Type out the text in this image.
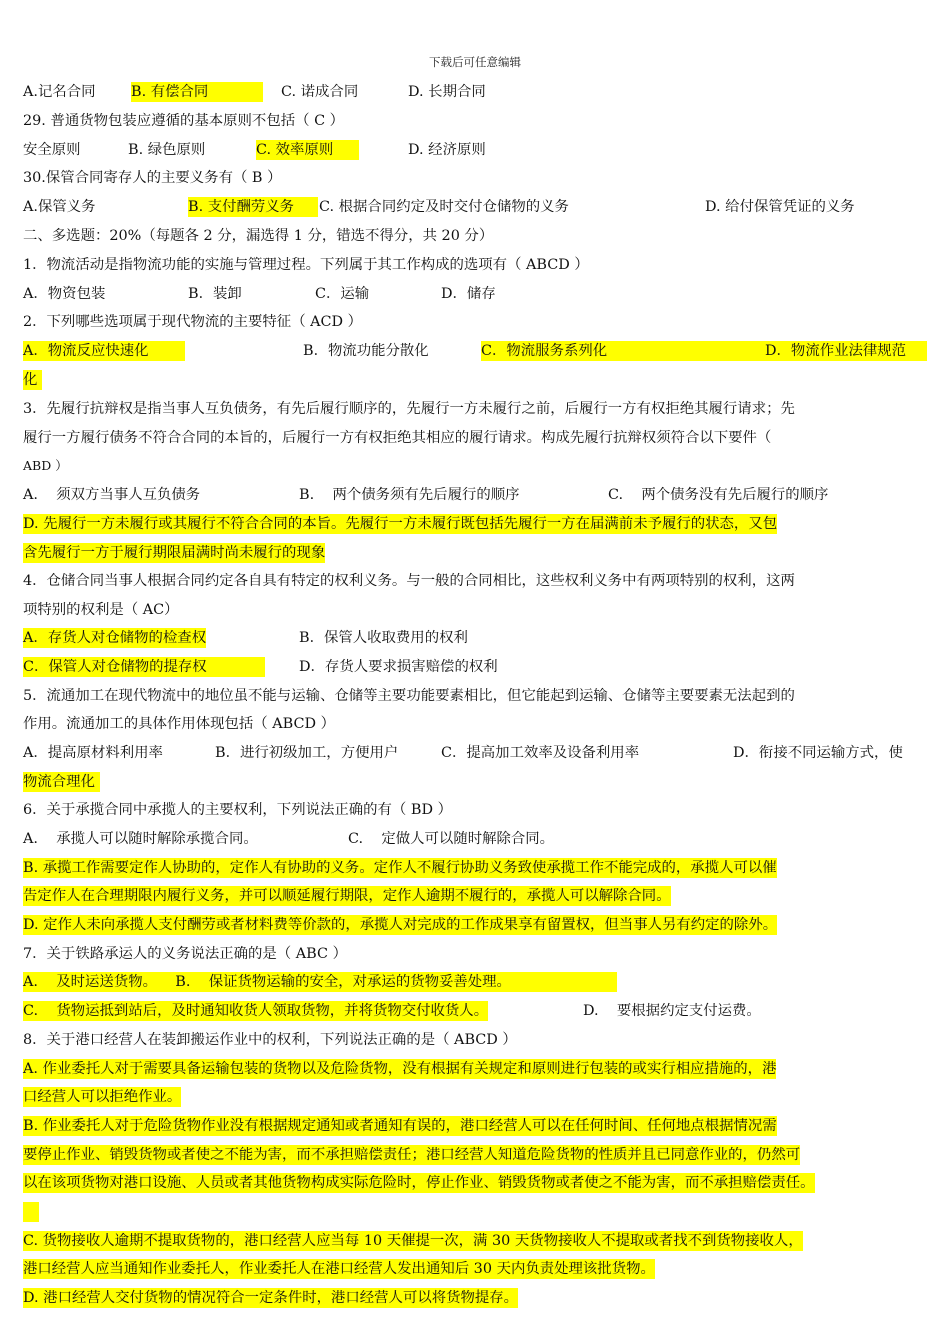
下载后可任意编辑
A.记名合同 B. 有偿合同	C. 诺成合同	D. 长期合同
29. 普通货物包装应遵循的基本原则不包括（ C ）
安全原则	B. 绿色原则	C. 效率原则	D. 经济原则
30.保管合同寄存人的主要义务有（ B ）
A.保管义务	B. 支付酬劳义务	C. 根据合同约定及时交付仓储物的义务	D. 给付保管凭证的义务
二、多选题：20%（每题各 2 分，漏选得 1 分，错选不得分，共 20 分）
1．物流活动是指物流功能的实施与管理过程。下列属于其工作构成的选项有（ ABCD ）
A．物资包装	B．装卸	C．运输	D．储存
2．下列哪些选项属于现代物流的主要特征（ ACD ）
A．物流反应快速化	B．物流功能分散化	C．物流服务系列化	D．物流作业法律规范
化
3．先履行抗辩权是指当事人互负债务，有先后履行顺序的，先履行一方未履行之前，后履行一方有权拒绝其履行请求；先
履行一方履行债务不符合合同的本旨的，后履行一方有权拒绝其相应的履行请求。构成先履行抗辩权须符合以下要件（
ABD ）
A.    须双方当事人互负债务	B.    两个债务须有先后履行的顺序	C.    两个债务没有先后履行的顺序
D. 先履行一方未履行或其履行不符合合同的本旨。先履行一方未履行既包括先履行一方在届满前未予履行的状态，又包
含先履行一方于履行期限届满时尚未履行的现象
4．仓储合同当事人根据合同约定各自具有特定的权利义务。与一般的合同相比，这些权利义务中有两项特别的权利，这两
项特别的权利是（ AC）
A．存货人对仓储物的检查权	B．保管人收取费用的权利
C．保管人对仓储物的提存权	D．存货人要求损害赔偿的权利
5．流通加工在现代物流中的地位虽不能与运输、仓储等主要功能要素相比，但它能起到运输、仓储等主要要素无法起到的
作用。流通加工的具体作用体现包括（ ABCD ）
A．提高原材料利用率	B．进行初级加工，方便用户	C．提高加工效率及设备利用率	D．衔接不同运输方式，使
物流合理化
6．关于承揽合同中承揽人的主要权利，下列说法正确的有（ BD ）
A.    承揽人可以随时解除承揽合同。	C.    定做人可以随时解除合同。
B. 承揽工作需要定作人协助的，定作人有协助的义务。定作人不履行协助义务致使承揽工作不能完成的，承揽人可以催
告定作人在合理期限内履行义务，并可以顺延履行期限，定作人逾期不履行的，承揽人可以解除合同。
D. 定作人未向承揽人支付酬劳或者材料费等价款的，承揽人对完成的工作成果享有留置权，但当事人另有约定的除外。
7．关于铁路承运人的义务说法正确的是（ ABC ）
A.    及时运送货物。    B.    保证货物运输的安全，对承运的货物妥善处理。
C.    货物运抵到站后，及时通知收货人领取货物，并将货物交付收货人。	D.    要根据约定支付运费。
8．关于港口经营人在装卸搬运作业中的权利，下列说法正确的是（ ABCD ）
A. 作业委托人对于需要具备运输包装的货物以及危险货物，没有根据有关规定和原则进行包装的或实行相应措施的，港
口经营人可以拒绝作业。
B. 作业委托人对于危险货物作业没有根据规定通知或者通知有误的，港口经营人可以在任何时间、任何地点根据情况需
要停止作业、销毁货物或者使之不能为害，而不承担赔偿责任；港口经营人知道危险货物的性质并且已同意作业的，仍然可
以在该项货物对港口设施、人员或者其他货物构成实际危险时，停止作业、销毁货物或者使之不能为害，而不承担赔偿责任。
C. 货物接收人逾期不提取货物的，港口经营人应当每 10 天催提一次，满 30 天货物接收人不提取或者找不到货物接收人，
港口经营人应当通知作业委托人，作业委托人在港口经营人发出通知后 30 天内负责处理该批货物。
D. 港口经营人交付货物的情况符合一定条件时，港口经营人可以将货物提存。
